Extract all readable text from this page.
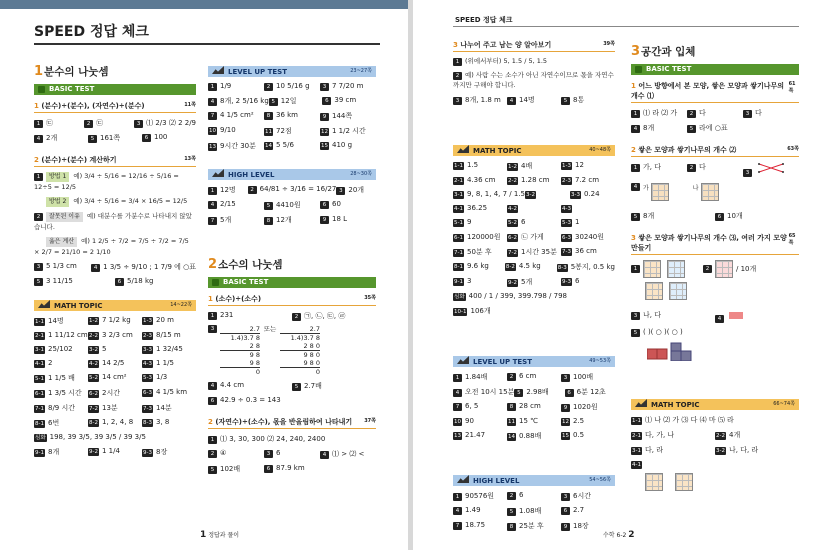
SPEED 정답 체크
1분수의 나눗셈
BASIC TEST
1 (분수)÷(분수), (자연수)÷(분수)	11쪽
1 ㉢	2 ㉢	3 ⑴ 2/3 ⑵ 2 2/9
4 2개	5 161쪽	6 100
2 (분수)÷(분수) 계산하기	13쪽
1 방법 1 예) 3/4 ÷ 5/16 = 12/16 ÷ 5/16 = 12÷5 = 12/5
방법 2 예) 3/4 ÷ 5/16 = 3/4 × 16/5 = 12/5
2 잘못된 이유 예) 대분수를 가분수로 나타내지 않았습니다.
옳은 계산 예) 1 2/5 ÷ 7/2 = 7/5 ÷ 7/2 = 7/5 × 2/7 = 21/10 = 2 1/10
3 5 1/3 cm	4 1 3/5 ÷ 9/10 ; 1 7/9 에 ○표
5 3 11/15	6 5/18 kg
MATH TOPIC	14~22쪽
1-1 14명	1-2 7 1/2 kg	1-3 20 m
2-1 1 11/12 cm 2-2 3 2/3 cm	2-3 8/15 m
3-1 25/102	3-2 5	3-3 1 32/45
4-1 2	4-2 14 2/5	4-3 1 1/5
5-1 1 1/5 배	5-2 14 cm²	5-3 1/3
6-1 1 3/5 시간	6-2 2시간	6-3 4 1/5 km
7-1 8/9 시간	7-2 13분	7-3 14분
8-1 6번	8-2 1, 2, 4, 8	8-3 3, 8
심화 198, 39 3/5, 39 3/5 / 39 3/5
9-1 8개	9-2 1 1/4	9-3 8장
LEVEL UP TEST	23~27쪽
1 1/9	2 10 5/16 g	3 7 7/20 m
4 8개, 2 5/16 kg 5 12일	6 39 cm
7 4 1/5 cm²	8 36 km	9 144쪽
10 9/10	11 72점	12 1 1/2 시간
13 9시간 30분	14 5 5/6	15 410 g
HIGH LEVEL	28~30쪽
1 12명	2 64/81 ÷ 3/16 = 16/27 3 20개
4 2/15	5 4410원	6 60
7 5개	8 12개	9 18 L
2소수의 나눗셈
BASIC TEST
1 (소수)÷(소수)	35쪽
1 231	2 ㉠, ㉡, ㉢, ㉣
3	2.7
1.4)3.7 8
2 8
9 8
9 8
0
또는	2.7
1.4)3.7 8
2 8 0
9 8 0
9 8 0
0
4 4.4 cm	5 2.7배
6 42.9 ÷ 0.3 = 143
2 (자연수)÷(소수), 몫을 반올림하여 나타내기 37쪽
1 ⑴ 3, 30, 300 ⑵ 24, 240, 2400
2 ④	3 6	4 ⑴ > ⑵ <
5 102배	6 87.9 km
1 정답과 풀이
SPEED 정답 체크
3 나누어 주고 남는 양 알아보기	39쪽
1 (위에서부터) 5, 1.5 / 5, 1.5
2 예) 사람 수는 소수가 아닌 자연수이므로 몫을 자연수까지만 구해야 합니다.
3 8개, 1.8 m	4 14명	5 8통
MATH TOPIC	40~48쪽
1-1 1.5	1-2 4배	1-3 12
2-1 4.36 cm	2-2 1.28 cm	2-3 7.2 cm
3-1 9, 8, 1, 4, 7 / 1.5 3-2	3-3 0.24
4-1 36.25	4-2	4-3
5-1 9	5-2 6	5-3 1
6-1 120000원	6-2 ㉡ 가게	6-3 30240원
7-1 50분 후	7-2 1시간 35분 7-3 36 cm
8-1 9.6 kg	8-2 4.5 kg	8-3 5봉지, 0.5 kg
9-1 3	9-2 5개	9-3 6
심화 400 / 1 / 399, 399.798 / 798
10-1 106개
LEVEL UP TEST	49~53쪽
1 1.84배	2 6 cm	3 100배
4 오전 10시 15분 5 2.98배	6 6분 12초
7 6, 5	8 28 cm	9 1020원
10 90	11 15 ℃	12 2.5
13 21.47	14 0.88배	15 0.5
HIGH LEVEL	54~56쪽
1 90576원	2 6	3 6시간
4 1.49	5 1.08배	6 2.7
7 18.75	8 25분 후	9 18장
3공간과 입체
BASIC TEST
1 어느 방향에서 본 모양, 쌓은 모양과 쌓기나무의 개수 ⑴
61쪽
1 ⑴ 라 ⑵ 가	2 다	3 다
4 8개	5 라에 ○표
2 쌓은 모양과 쌓기나무의 개수 ⑵	63쪽
1 가, 다	2 다
3
4 가	나
5 8개	6 10개
3 쌓은 모양과 쌓기나무의 개수 ⑶, 여러 가지 모양 만들기
65쪽
1	2	/ 10개
3 나, 다	4
5 ( )( ○ )( ○ )
MATH TOPIC	66~74쪽
1-1 ⑴ 나 ⑵ 가 ⑶ 다 ⑷ 마 ⑸ 라
2-1 다, 가, 나	2-2 4개
3-1 다, 라	3-2 나, 다, 라
4-1
수학 6-2 2
